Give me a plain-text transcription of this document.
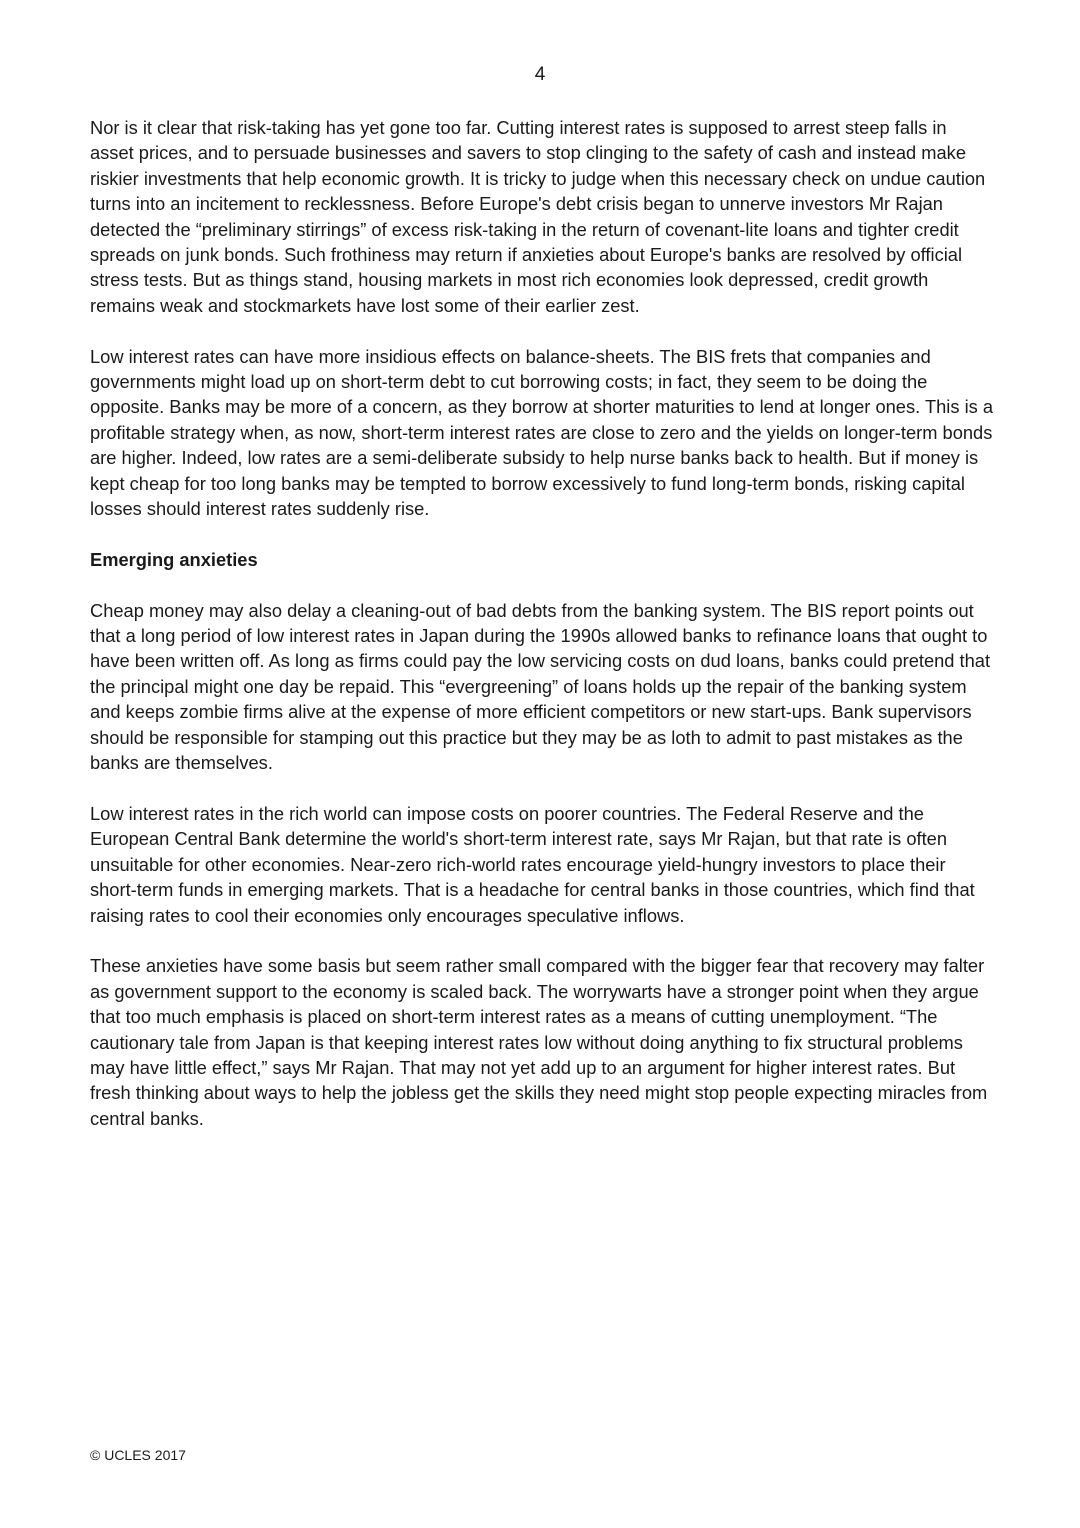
4

Nor is it clear that risk-taking has yet gone too far. Cutting interest rates is supposed to arrest steep falls in asset prices, and to persuade businesses and savers to stop clinging to the safety of cash and instead make riskier investments that help economic growth. It is tricky to judge when this necessary check on undue caution turns into an incitement to recklessness. Before Europe's debt crisis began to unnerve investors Mr Rajan detected the “preliminary stirrings” of excess risk-taking in the return of covenant-lite loans and tighter credit spreads on junk bonds. Such frothiness may return if anxieties about Europe's banks are resolved by official stress tests. But as things stand, housing markets in most rich economies look depressed, credit growth remains weak and stockmarkets have lost some of their earlier zest.

Low interest rates can have more insidious effects on balance-sheets. The BIS frets that companies and governments might load up on short-term debt to cut borrowing costs; in fact, they seem to be doing the opposite. Banks may be more of a concern, as they borrow at shorter maturities to lend at longer ones. This is a profitable strategy when, as now, short-term interest rates are close to zero and the yields on longer-term bonds are higher. Indeed, low rates are a semi-deliberate subsidy to help nurse banks back to health. But if money is kept cheap for too long banks may be tempted to borrow excessively to fund long-term bonds, risking capital losses should interest rates suddenly rise.

Emerging anxieties

Cheap money may also delay a cleaning-out of bad debts from the banking system. The BIS report points out that a long period of low interest rates in Japan during the 1990s allowed banks to refinance loans that ought to have been written off. As long as firms could pay the low servicing costs on dud loans, banks could pretend that the principal might one day be repaid. This “evergreening” of loans holds up the repair of the banking system and keeps zombie firms alive at the expense of more efficient competitors or new start-ups. Bank supervisors should be responsible for stamping out this practice but they may be as loth to admit to past mistakes as the banks are themselves.

Low interest rates in the rich world can impose costs on poorer countries. The Federal Reserve and the European Central Bank determine the world's short-term interest rate, says Mr Rajan, but that rate is often unsuitable for other economies. Near-zero rich-world rates encourage yield-hungry investors to place their short-term funds in emerging markets. That is a headache for central banks in those countries, which find that raising rates to cool their economies only encourages speculative inflows.

These anxieties have some basis but seem rather small compared with the bigger fear that recovery may falter as government support to the economy is scaled back. The worrywarts have a stronger point when they argue that too much emphasis is placed on short-term interest rates as a means of cutting unemployment. “The cautionary tale from Japan is that keeping interest rates low without doing anything to fix structural problems may have little effect,” says Mr Rajan. That may not yet add up to an argument for higher interest rates. But fresh thinking about ways to help the jobless get the skills they need might stop people expecting miracles from central banks.

© UCLES 2017
